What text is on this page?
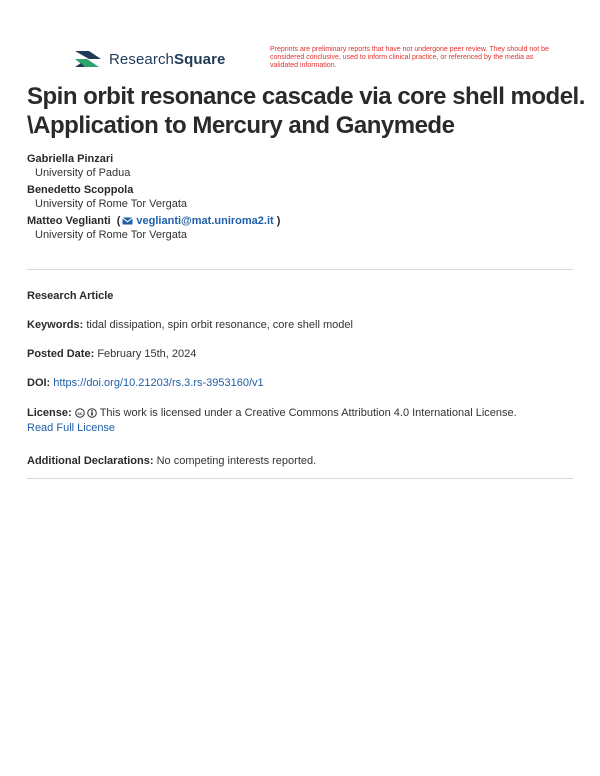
ResearchSquare
Preprints are preliminary reports that have not undergone peer review. They should not be considered conclusive, used to inform clinical practice, or referenced by the media as validated information.
Spin orbit resonance cascade via core shell model. \Application to Mercury and Ganymede
Gabriella Pinzari
University of Padua
Benedetto Scoppola
University of Rome Tor Vergata
Matteo Veglianti ( veglianti@mat.uniroma2.it )
University of Rome Tor Vergata
Research Article
Keywords: tidal dissipation, spin orbit resonance, core shell model
Posted Date: February 15th, 2024
DOI: https://doi.org/10.21203/rs.3.rs-3953160/v1
License: cc This work is licensed under a Creative Commons Attribution 4.0 International License.
Read Full License
Additional Declarations: No competing interests reported.
